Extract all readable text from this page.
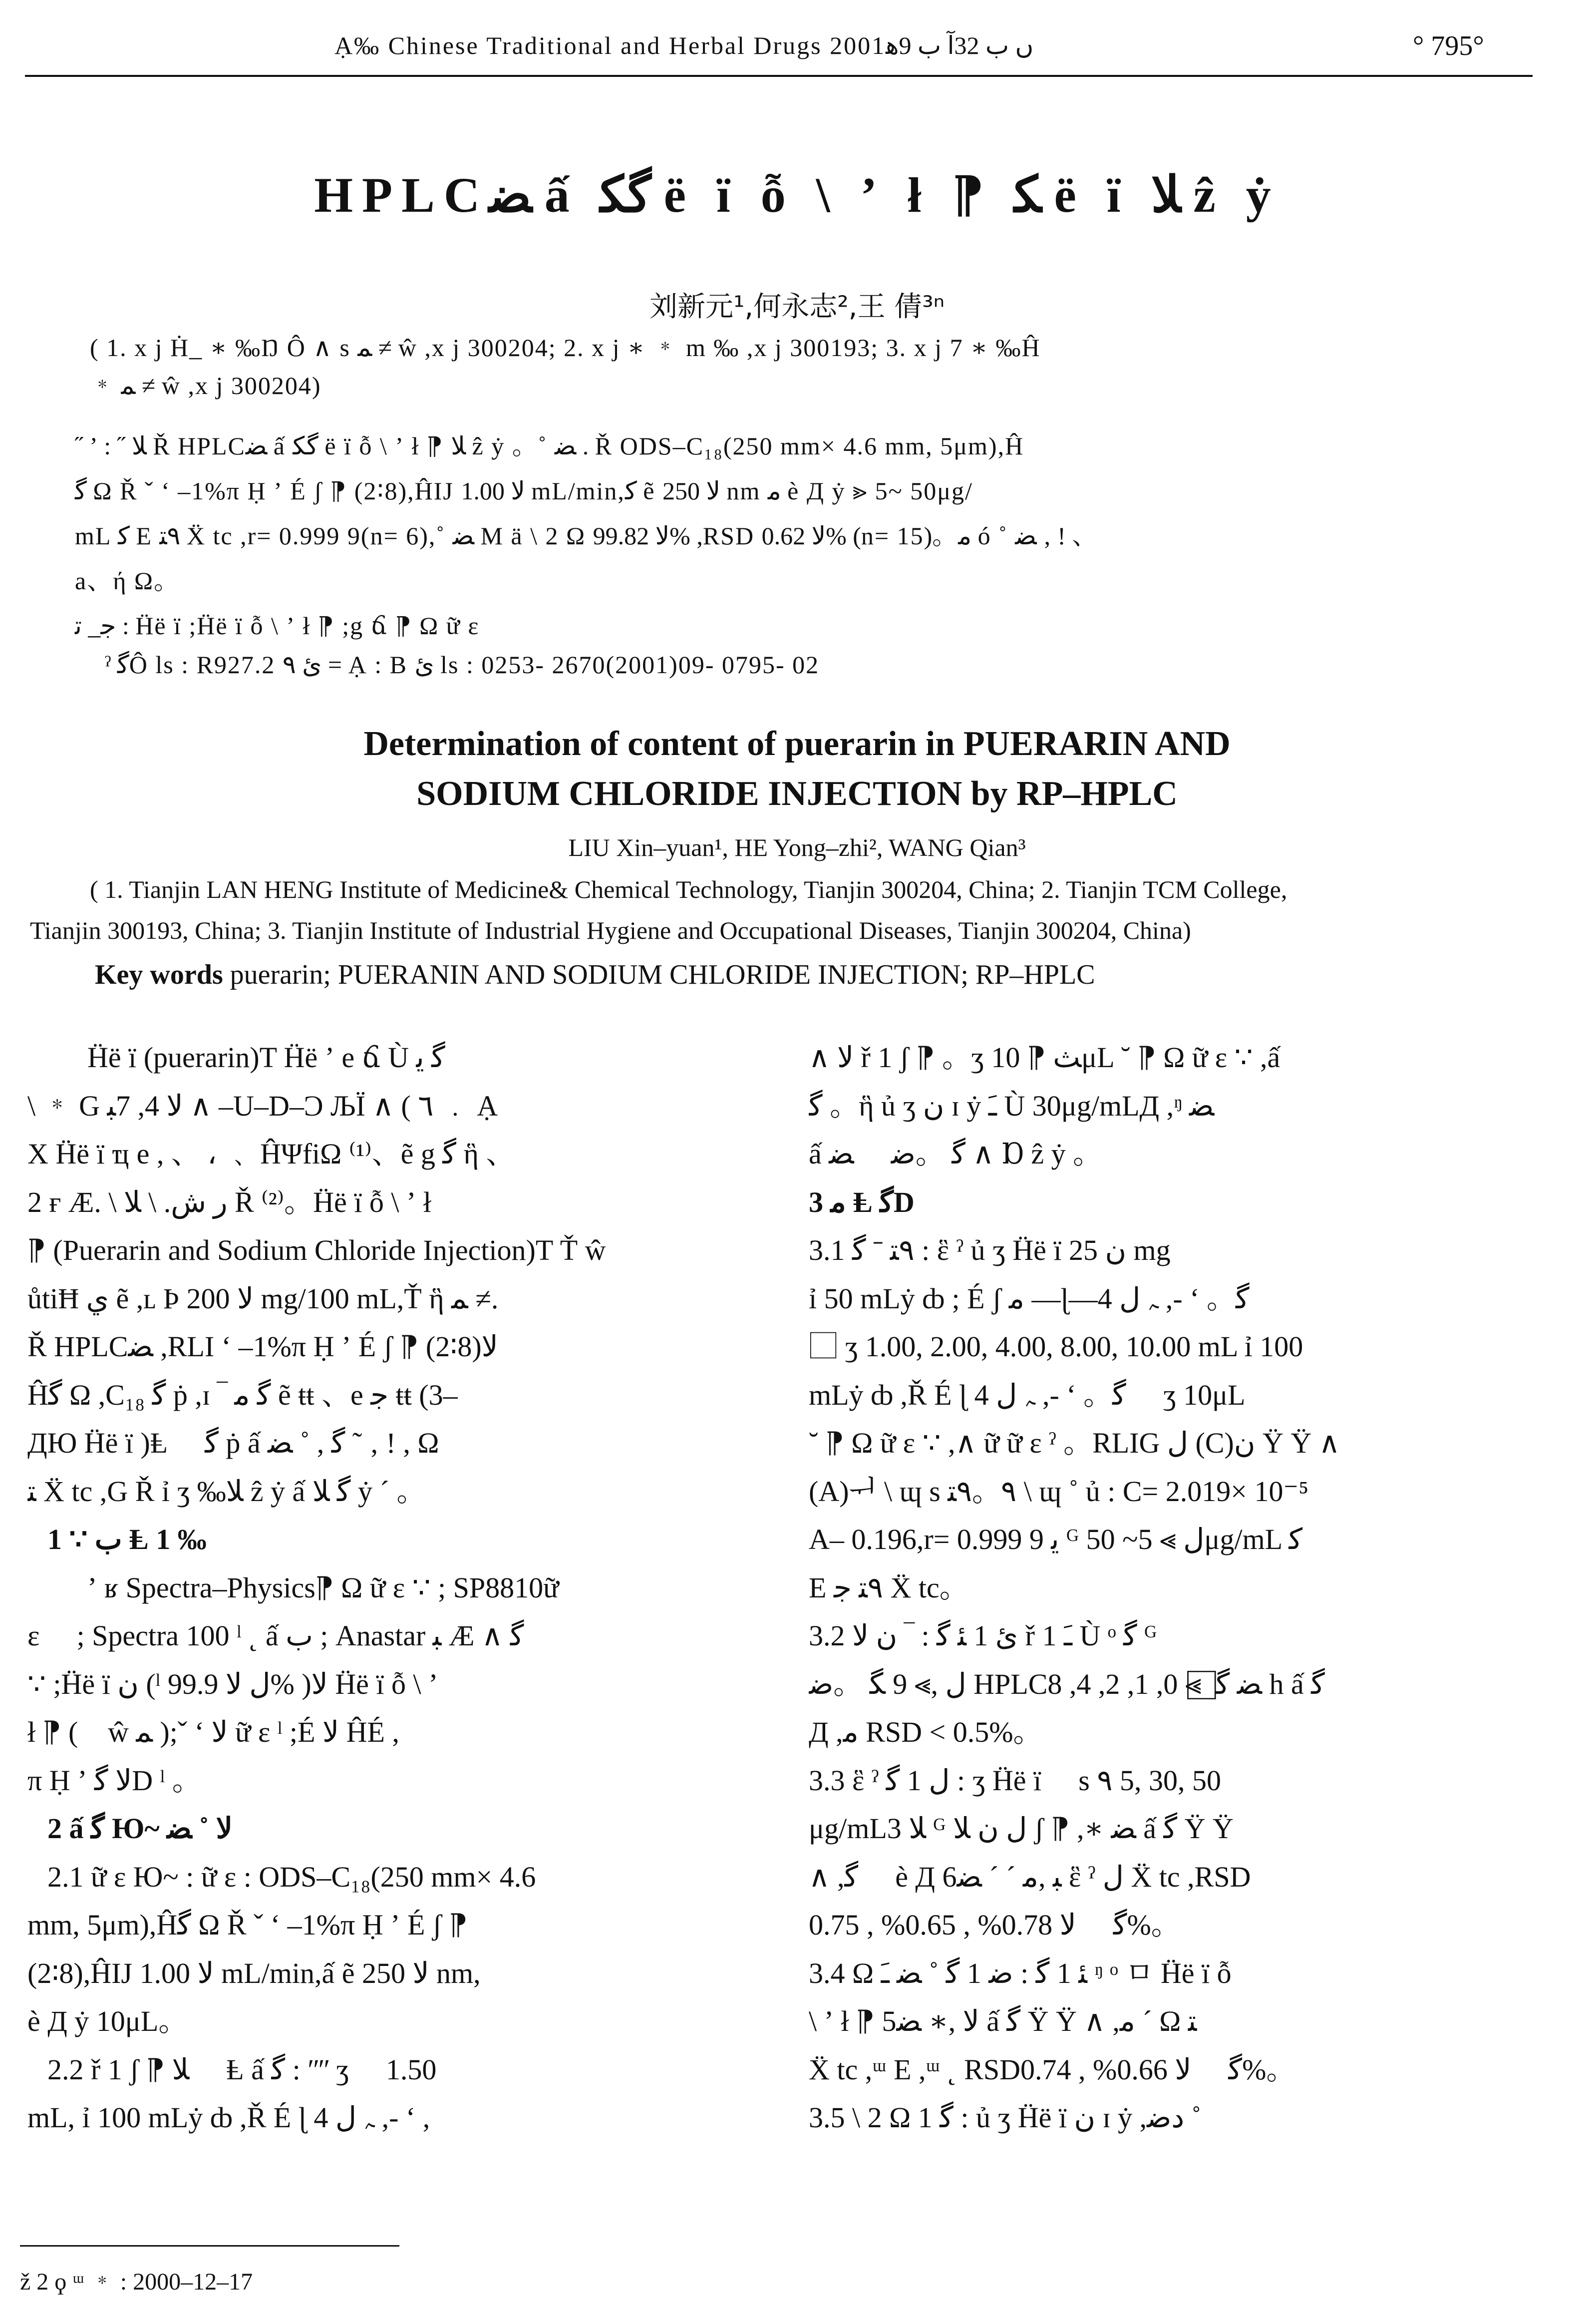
Ạ‰ Chinese Traditional and Herbal Drugs 2001ں ب 32ﺁ ب 9ﻫ	° 795°
HPLCﻀ ấ ﮔﻜ ë ï ỗ \ ʼ ł ⁋ ﻜ ë ï ﻼ ẑ ẏ
刘新元¹,何永志²,王 倩³ⁿ
( 1. x j Ḣ_ ∗ ‰Ŋ Ô ∧ s ﻤ ≠ ŵ ,x j 300204; 2. x j ∗ ﹡ m ‰ ,x j 300193; 3. x j 7 ∗ ‰Ĥ
﹡ ﻤ ≠ ŵ ,x j 300204)
˝ ʼ : ˝ ﻼ Ř HPLCﻀ ấ ﮔﻜ ë ï ỗ \ ʼ ł ⁋ ﻼ ẑ ẏ 。˚ ﻀ . Ř ODS–C₁₈(250 mm× 4.6 mm, 5μm),Ĥ
ﮔ Ω Ř ˇ ʻ –1%π Ḥ ʼ É ʃ ⁋ (2∶8),ĤIJ ﻻ 1.00 mL/min,ﮐ ẽ ﻻ 250 nm ﻣ ѐ Д ẏ ⪢ 5~ 50μg/
mL ﮐ E ٩ﺘ Ẍ tc ,r= 0.999 9(n= 6),˚ ﻀ M ä \ 2 Ω ﻻ 99.82% ,RSD ﻻ 0.62% (n= 15)。ﻣ ó ˚ ﻀ ‚ ! 、
a、ή Ω。
ﺟ_ ﺗ : Ḧë ï ;Ḧë ï ỗ \ ʼ ł ⁋ ;g ճ ⁋ Ω ữ ɛ
ˀ ﮔÔ ls : R927.2 ﺉ ٩ = Ạ : B ﺉ ls : 0253- 2670(2001)09- 0795- 02
Determination of content of puerarin in PUERARIN AND
SODIUM CHLORIDE INJECTION by RP–HPLC
LIU Xin–yuan¹, HE Yong–zhi², WANG Qian³
( 1. Tianjin LAN HENG Institute of Medicine& Chemical Technology, Tianjin 300204, China; 2. Tianjin TCM College,
Tianjin 300193, China; 3. Tianjin Institute of Industrial Hygiene and Occupational Diseases, Tianjin 300204, China)
Key words puerarin; PUERANIN AND SODIUM CHLORIDE INJECTION; RP–HPLC
Ḧë ï (puerarin)T Ḧë ʼ e ճ Ù ﮔ ﻳ
\ ﹡ G ﻻ 4, 7ﺒ ∧ –U–D–Ͻ ЉÏ ∧ ( ٦ ﹒ Ạ
Χ Ḧë ï ҵ e , 、 ، ﹑ ĤΨfiΩ ⁽¹⁾、ẽ g ﮔ ἣ 、
2 ғ Æ. \ ﺭ ﺵ. \ ﻼ Ř ⁽²⁾。Ḧë ï ỗ \ ʼ ł
⁋ (Puerarin and Sodium Chloride Injection)T Ť ŵ
ůtiĦ ﻱ ẽ ,ʟ Ϸ ﻻ 200 mg/100 mL,Ť ἣ ﻤ ≠.
Ř HPLCﻀ ,RLI ʻ –1%π Ḥ ʼ É ʃ ⁋ (2∶8)ﻻ
Ĥﮔ Ω ,C₁₈ ﮔ ṗ ,ɪ ‾ ﮔ ﻣ ẽ ŧŧ 、e ﺟ ŧŧ (3–
ДЮ Ḧë ï )Ⱡ ⃞ ﮔ ṗ ấ ﮔ , ˚ ﻀ ˜ ‚ ! , Ω
ﺘ Ẍ tc ,G Ř ỉ ʒ ‰ﻼ ẑ ẏ ấ ﮔ ﻼ ẏ ´ 。
1 ∵ ب Ⱡ 1 ‰
ʼ ʁ Spectra–Physics⁋ Ω ữ ɛ ∵ ; SP8810ữ
ɛ ⃞ ; Spectra 100 ˡ ˛ ấ ب ; Anastar ﺒ Æ ∧ ﮔ
∵ ;Ḧë ï ﻥ (ˡ ﻝ ﻻ 99.9% )ﻻ Ḧë ï ỗ \ ʼ
ł ⁋ (⃞ ŵ ﻤ );ˇ ʻ ﻻ ữ ɛ ˡ ;É ﻻ ĤÉ ,
π Ḥ ʼ ﻻ ﮔD ˡ 。
2 ấ ﮔ Ю~ ﻻ ˚ ﻀ
2.1 ữ ɛ Ю~ : ữ ɛ : ODS–C₁₈(250 mm× 4.6
mm, 5μm),Ĥﮔ Ω Ř ˇ ʻ –1%π Ḥ ʼ É ʃ ⁋
(2∶8),ĤIJ ﻻ 1.00 mL/min,ấ ẽ ﻻ 250 nm,
ѐ Д ẏ 10μL。
2.2 ř 1 ʃ ⁋ ﻼ ⃞ Ⱡ ấ ﮔ : ʺʺ ʒ ⃞ 1.50
mL, ỉ 100 mLẏ ȸ ,Ř É ɭ 4 ﮧ ﻝ ,- ʻ ,
∧ ﻻ ř 1 ʃ ⁋ 。ʒ ﺚ ⁋ 10μL ˘ ⁋ Ω ữ ɛ ∵ ,ấ
ﮔ 。ἣ ủ ʒ ﻥ ɪ ẏ ﹷ Ù 30μg/mLД ,ᵑ ﻀ
ấ ﮔ 。ﺿ ⃞ ﻀ ∧ Ɒ ẑ ẏ 。
3 ﻣ Ⱡ ﮔD
3.1 ٩ﺘ ˉ ﮔ : ἓ ˀ ủ ʒ Ḧë ï ﻥ 25 mg
ỉ 50 mLẏ ȸ ; É ʃ ﻣ —ɭ—4 ﮧ ﻝ ,- ʻ 。ﮔ
⃞ ʒ 1.00, 2.00, 4.00, 8.00, 10.00 mL ỉ 100
mLẏ ȸ ,Ř É ɭ 4 ﮧ ﻝ ,- ʻ 。ﮔ ⃞ ʒ 10μL
˘ ⁋ Ω ữ ɛ ∵ ,∧ ữ ữ ɛ ˀ 。RLIG ﻝ (C)ﻥ Ÿ Ÿ ∧
(A)ᅱ \ ɰ s ٩。٩ﺘ \ ɰ ˚ ủ : C= 2.019× 10⁻⁵
A– 0.196,r= 0.999 9 ﻳ ᴳ ﻝ ⪢ 5~ 50μg/mL ﮐ
E ٩ﺘ ﺟ Ẍ tc。
3.2 ﺉ 1 ﺌ ﮔ : ‾ ﻥ ﻻ ř 1 ﹷ Ù ᵒ ﮔ ᴳ
ﻝ ,⪢ 9 ﮕ 。ﺿ HPLCﻀ ﮔ ⃞ ⪢ 0, 1, 2, 4, 8 h ấ ﮔ
Д ,ﻣ RSD < 0.5%。
3.3 ἓ ˀ ﻝ 1 ﮔ : ʒ Ḧë ï ⃞ s ٩ 5, 30, 50
μg/mLﻼ 3 ᴳ ﻝ ﻥ ﻼ ʃ ⁋ ,∗ ﻀ ấ ﮔ Ÿ Ÿ
∧ ,ﮔ ⃞ è Д 6ﺒ ,ﻣ ˊ ˊ ﻀ ἓ ˀ ﻝ Ẍ tc ,RSD
ﮔ ⃞ ﻻ 0.78% , 0.65% , 0.75%。
3.4 Ω ﺌ 1 ﮔ : ﺿ 1 ﮔ ˚ ﻀ ﹷ ᵑ ᵒ ㅁ Ḧë ï ỗ
\ ʼ ł ⁋ 5ﻻ ,∗ ﻀ ấ ﮔ Ÿ Ÿ ∧ ,ﻣ ˊ Ω ﺘ
Ẍ tc ,ᵚ E ,ᵚ ˛ RSDﮔ ⃞ ﻻ 0.66% , 0.74%。
3.5 \ 2 Ω 1 ﮔ : ủ ʒ Ḧë ï ﻥ ɪ ẏ ,ﺩﺿ ˚
ž 2 ϙ ᵚ ﹡ : 2000–12–17
